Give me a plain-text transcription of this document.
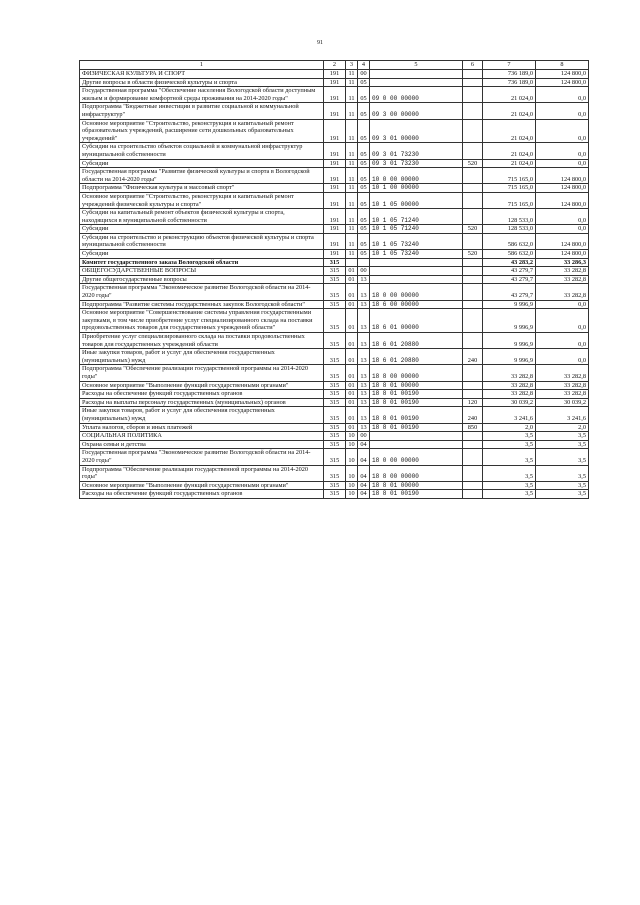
91
1	2	3	4	5	6	7	8
ФИЗИЧЕСКАЯ КУЛЬТУРА И СПОРТ	191	11	00			736 189,0	124 800,0
Другие вопросы в области физической культуры и спорта	191	11	05			736 189,0	124 800,0
Государственная программа "Обеспечение населения Вологодской области доступным жильем и формирование комфортной среды проживания на 2014-2020 годы"	191	11	05	09 0 00 00000		21 024,0	0,0
Подпрограмма "Бюджетные инвестиции в развитие социальной и коммунальной инфраструктур"	191	11	05	09 3 00 00000		21 024,0	0,0
Основное мероприятие "Строительство, реконструкция и капитальный ремонт образовательных учреждений, расширение сети дошкольных образовательных учреждений"	191	11	05	09 3 01 00000		21 024,0	0,0
Субсидии на строительство объектов социальной и коммунальной инфраструктур муниципальной собственности	191	11	05	09 3 01 73230		21 024,0	0,0
Субсидии	191	11	05	09 3 01 73230	520	21 024,0	0,0
Государственная программа "Развитие физической культуры и спорта в Вологодской области на 2014-2020 годы"	191	11	05	10 0 00 00000		715 165,0	124 800,0
Подпрограмма "Физическая культура и массовый спорт"	191	11	05	10 1 00 00000		715 165,0	124 800,0
Основное мероприятие "Строительство, реконструкция и капитальный ремонт учреждений физической культуры и спорта"	191	11	05	10 1 05 00000		715 165,0	124 800,0
Субсидии на капитальный ремонт объектов физической культуры и спорта, находящихся в муниципальной собственности	191	11	05	10 1 05 71240		128 533,0	0,0
Субсидии	191	11	05	10 1 05 71240	520	128 533,0	0,0
Субсидии на строительство и реконструкцию объектов физической культуры и спорта муниципальной собственности	191	11	05	10 1 05 73240		586 632,0	124 800,0
Субсидии	191	11	05	10 1 05 73240	520	586 632,0	124 800,0
Комитет государственного заказа Вологодской области	315					43 283,2	33 286,3
ОБЩЕГОСУДАРСТВЕННЫЕ ВОПРОСЫ	315	01	00			43 279,7	33 282,8
Другие общегосударственные вопросы	315	01	13			43 279,7	33 282,8
Государственная программа "Экономическое развитие Вологодской области на 2014-2020 годы"	315	01	13	18 0 00 00000		43 279,7	33 282,8
Подпрограмма "Развитие системы государственных закупок Вологодской области"	315	01	13	18 6 00 00000		9 996,9	0,0
Основное мероприятие "Совершенствование системы управления государственными закупками, в том числе приобретение услуг специализированного склада на поставки продовольственных товаров для государственных учреждений области"	315	01	13	18 6 01 00000		9 996,9	0,0
Приобретение услуг специализированного склада на поставки продовольственных товаров для государственных учреждений области	315	01	13	18 6 01 20880		9 996,9	0,0
Иные закупки товаров, работ и услуг для обеспечения государственных (муниципальных) нужд	315	01	13	18 6 01 20880	240	9 996,9	0,0
Подпрограмма "Обеспечение реализации государственной программы на 2014-2020 годы"	315	01	13	18 8 00 00000		33 282,8	33 282,8
Основное мероприятие "Выполнение функций государственными органами"	315	01	13	18 8 01 00000		33 282,8	33 282,8
Расходы на обеспечение функций государственных органов	315	01	13	18 8 01 00190		33 282,8	33 282,8
Расходы на выплаты персоналу государственных (муниципальных) органов	315	01	13	18 8 01 00190	120	30 039,2	30 039,2
Иные закупки товаров, работ и услуг для обеспечения государственных (муниципальных) нужд	315	01	13	18 8 01 00190	240	3 241,6	3 241,6
Уплата налогов, сборов и иных платежей	315	01	13	18 8 01 00190	850	2,0	2,0
СОЦИАЛЬНАЯ ПОЛИТИКА	315	10	00			3,5	3,5
Охрана семьи и детства	315	10	04			3,5	3,5
Государственная программа "Экономическое развитие Вологодской области на 2014-2020 годы"	315	10	04	18 0 00 00000		3,5	3,5
Подпрограмма "Обеспечение реализации государственной программы на 2014-2020 годы"	315	10	04	18 8 00 00000		3,5	3,5
Основное мероприятие "Выполнение функций государственными органами"	315	10	04	18 8 01 00000		3,5	3,5
Расходы на обеспечение функций государственных органов	315	10	04	18 8 01 00190		3,5	3,5
